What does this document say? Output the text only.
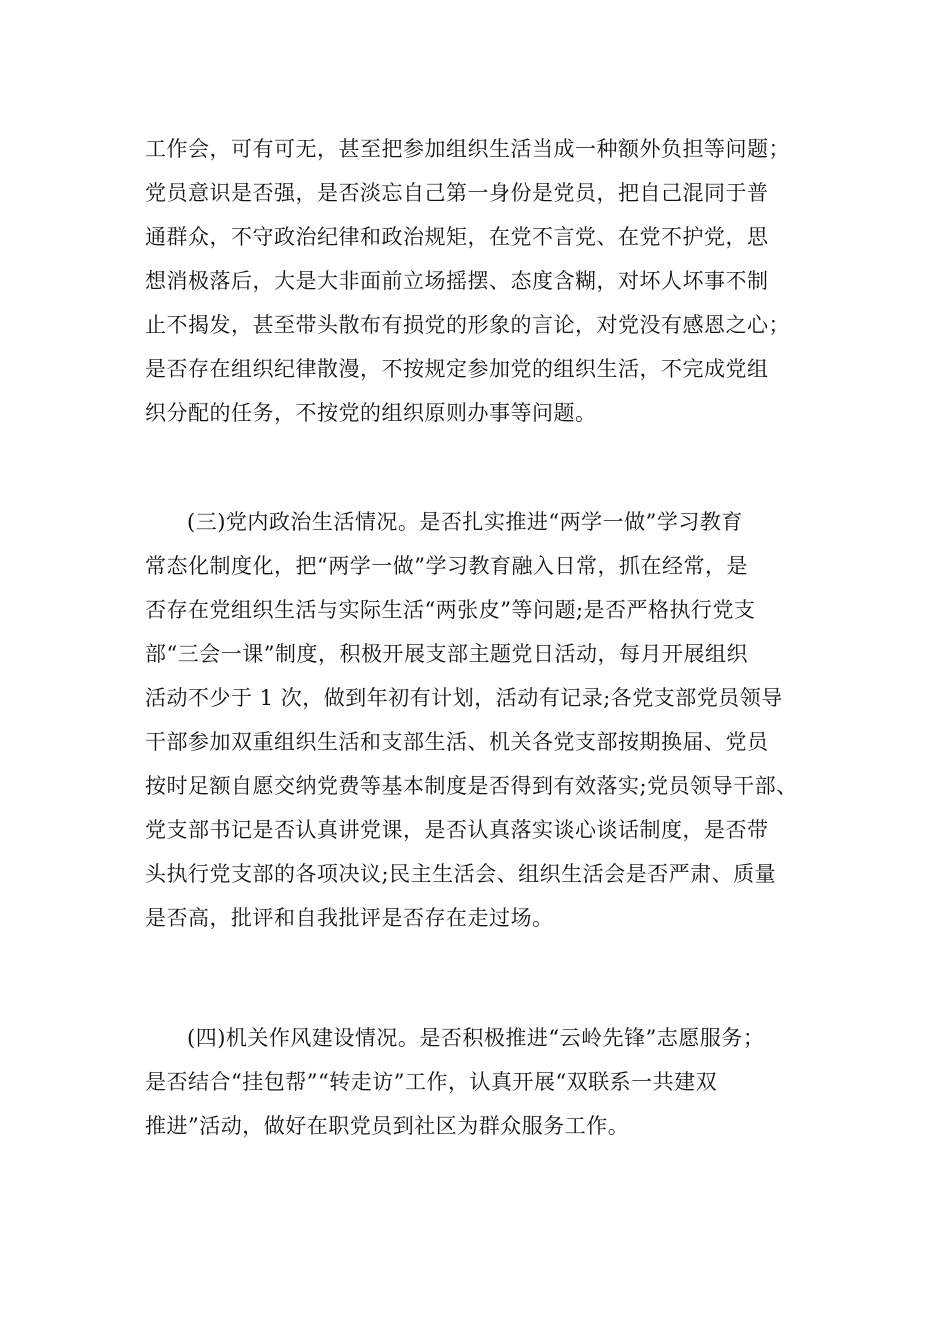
工作会，可有可无，甚至把参加组织生活当成一种额外负担等问题；
党员意识是否强，是否淡忘自己第一身份是党员，把自己混同于普
通群众，不守政治纪律和政治规矩，在党不言党、在党不护党，思
想消极落后，大是大非面前立场摇摆、态度含糊，对坏人坏事不制
止不揭发，甚至带头散布有损党的形象的言论，对党没有感恩之心；
是否存在组织纪律散漫，不按规定参加党的组织生活，不完成党组
织分配的任务，不按党的组织原则办事等问题。
(三)党内政治生活情况。是否扎实推进“两学一做”学习教育
常态化制度化，把“两学一做”学习教育融入日常，抓在经常，是
否存在党组织生活与实际生活“两张皮”等问题;是否严格执行党支
部“三会一课”制度，积极开展支部主题党日活动，每月开展组织
活动不少于 1 次，做到年初有计划，活动有记录;各党支部党员领导
干部参加双重组织生活和支部生活、机关各党支部按期换届、党员
按时足额自愿交纳党费等基本制度是否得到有效落实;党员领导干部、
党支部书记是否认真讲党课，是否认真落实谈心谈话制度，是否带
头执行党支部的各项决议;民主生活会、组织生活会是否严肃、质量
是否高，批评和自我批评是否存在走过场。
(四)机关作风建设情况。是否积极推进“云岭先锋”志愿服务；
是否结合“挂包帮”“转走访”工作，认真开展“双联系一共建双
推进”活动，做好在职党员到社区为群众服务工作。
